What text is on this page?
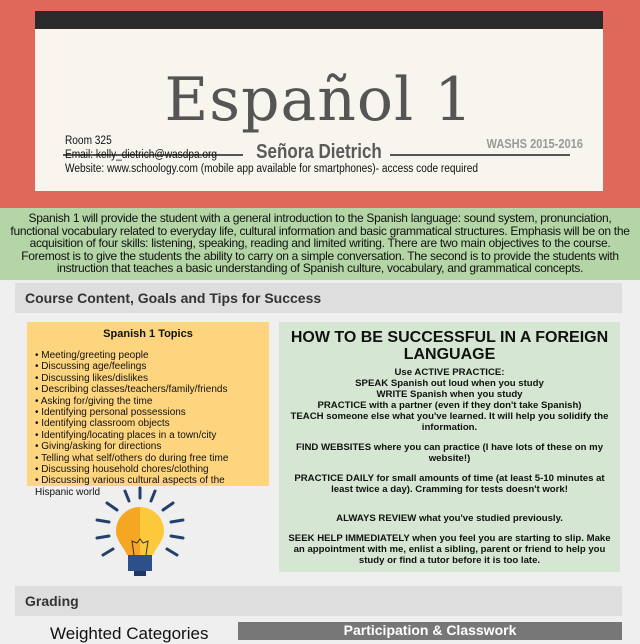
Español 1
Señora Dietrich
Room 325
Email: kelly_dietrich@wasdpa.org
Website: www.schoology.com (mobile app available for smartphones)- access code required
WASHS 2015-2016
Spanish 1 will provide the student with a general introduction to the Spanish language: sound system, pronunciation, functional vocabulary related to everyday life, cultural information and basic grammatical structures. Emphasis will be on the acquisition of four skills: listening, speaking, reading and limited writing. There are two main objectives to the course. Foremost is to give the students the ability to carry on a simple conversation. The second is to provide the students with instruction that teaches a basic understanding of Spanish culture, vocabulary, and grammatical concepts.
Course Content, Goals and Tips for Success
Spanish 1 Topics
• Meeting/greeting people
• Discussing age/feelings
• Discussing likes/dislikes
• Describing classes/teachers/family/friends
• Asking for/giving the time
• Identifying personal possessions
• Identifying classroom objects
• Identifying/locating places in a town/city
• Giving/asking for directions
• Telling what self/others do during free time
• Discussing household chores/clothing
• Discussing various cultural aspects of the Hispanic world
HOW TO BE SUCCESSFUL IN A FOREIGN LANGUAGE

Use ACTIVE PRACTICE:
SPEAK Spanish out loud when you study
WRITE Spanish when you study
PRACTICE with a partner (even if they don't take Spanish)
TEACH someone else what you've learned. It will help you solidify the information.

FIND WEBSITES where you can practice (I have lots of these on my website!)

PRACTICE DAILY for small amounts of time (at least 5-10 minutes at least twice a day). Cramming for tests doesn't work!

ALWAYS REVIEW what you've studied previously.

SEEK HELP IMMEDIATELY when you feel you are starting to slip. Make an appointment with me, enlist a sibling, parent or friend to help you study or find a tutor before it is too late.

Grading
Weighted Categories	Participation & Classwork
